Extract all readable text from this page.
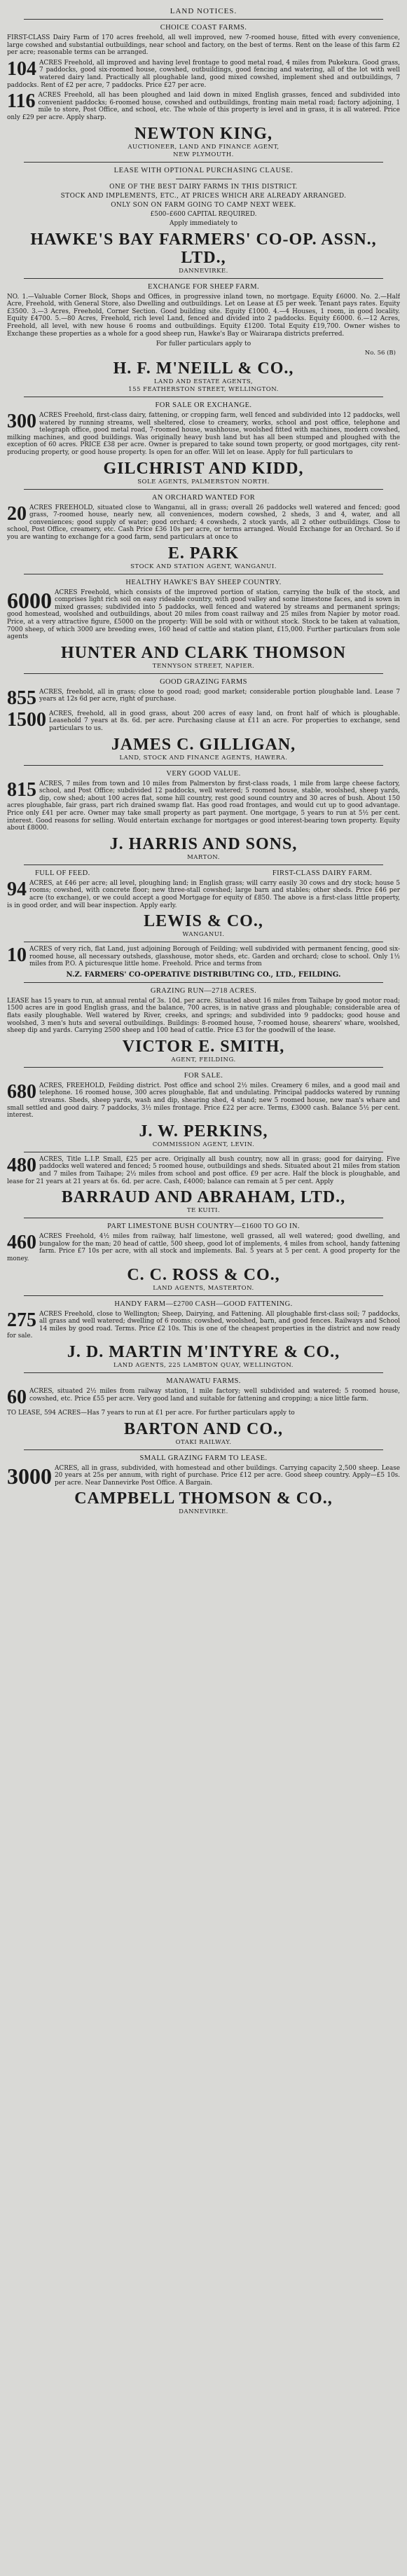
LAND NOTICES.
CHOICE COAST FARMS.

FIRST-CLASS Dairy Farm of 170 acres freehold, all well improved, new 7-roomed house, fitted with every convenience, large cowshed and substantial outbuildings, near school and factory, on the best of terms. Rent on the lease of this farm £2 per acre; reasonable terms can be arranged.

104 ACRES Freehold, all improved and having level frontage to good metal road, 4 miles from Pukekura. Good grass, 7 paddocks, good six-roomed house, cowshed, outbuildings, good fencing and watering, all of the lot with well watered dairy land. Practically all ploughable land, good mixed cowshed, implement shed and outbuildings, 7 paddocks. Rent of £2 per acre, 7 paddocks. Price £27 per acre.

116 ACRES Freehold, all has been ploughed and laid down in mixed English grasses, fenced and subdivided into convenient paddocks; 6-roomed house, cowshed and outbuildings, fronting main metal road; factory adjoining, 1 mile to store, Post Office, and school, etc. The whole of this property is level and in grass, it is all watered. Price only £29 per acre. Apply sharp.

NEWTON KING,
AUCTIONEER, LAND AND FINANCE AGENT,
NEW PLYMOUTH.
LEASE WITH OPTIONAL PURCHASING CLAUSE.
ONE OF THE BEST DAIRY FARMS IN THIS DISTRICT.
STOCK AND IMPLEMENTS, ETC., AT PRICES WHICH ARE ALREADY ARRANGED.
ONLY SON ON FARM GOING TO CAMP NEXT WEEK.
£500–£600 CAPITAL REQUIRED.
Apply immediately to
HAWKE'S BAY FARMERS' CO-OP. ASSN., LTD.,
DANNEVIRKE.
EXCHANGE FOR SHEEP FARM.

NO. 1.—Valuable Corner Block, Shops and Offices, in progressive inland town, no mortgage. Equity £6000. No. 2.—Half Acre, Freehold, with General Store, also Dwelling and outbuildings. Let on Lease at £5 per week. Tenant pays rates. Equity £3500. 3.—3 Acres, Freehold, Corner Section. Good building site. Equity £1000. 4.—4 Houses, 1 room, in good locality. Equity £4700. 5.—80 Acres, Freehold, rich level Land, fenced and divided into 2 paddocks. Equity £6000. 6.—12 Acres, Freehold, all level, with new house 6 rooms and outbuildings. Equity £1200. Total Equity £19,700. Owner wishes to Exchange these properties as a whole for a good sheep run, Hawke's Bay or Wairarapa districts preferred.

For fuller particulars apply to
No. 56 (B)
H. F. M'NEILL & CO.,
LAND AND ESTATE AGENTS,
155 FEATHERSTON STREET, WELLINGTON.
FOR SALE OR EXCHANGE.
300 ACRES Freehold, first-class dairy, fattening, or cropping farm, well fenced and subdivided into 12 paddocks, well watered by running streams, well sheltered, close to creamery, works, school and post office, telephone and telegraph office, good metal road, 7-roomed house, washhouse, woolshed fitted with machines, modern cowshed, milking machines, and good buildings. Was originally heavy bush land but has all been stumped and ploughed with the exception of 60 acres. PRICE £38 per acre. Owner is prepared to take sound town property, or good mortgages, city rent-producing property, or good house property. Is open for an offer. Will let on lease. Apply for full particulars to

GILCHRIST AND KIDD,
SOLE AGENTS, PALMERSTON NORTH.
AN ORCHARD WANTED FOR
20 ACRES FREEHOLD, situated close to Wanganui, all in grass; overall 26 paddocks well watered and fenced; good grass, 7-roomed house, nearly new, all conveniences, modern cowshed, 2 sheds, 3 and 4, water, and all conveniences; good supply of water; good orchard; 4 cowsheds, 2 stock yards, all 2 other outbuildings. Close to school, Post Office, creamery, etc. Cash Price £36 10s per acre, or terms arranged. Would Exchange for an Orchard. So if you are wanting to exchange for a good farm, send particulars at once to

E. PARK
STOCK AND STATION AGENT, WANGANUI.
HEALTHY HAWKE'S BAY SHEEP COUNTRY.
6000 ACRES Freehold, which consists of the improved portion of station, carrying the bulk of the stock, and comprises light rich soil on easy rideable country, with good valley and some limestone faces, and is sown in mixed grasses; subdivided into 5 paddocks, well fenced and watered by streams and permanent springs; good homestead, woolshed and outbuildings, about 20 miles from coast railway and 25 miles from Napier by motor road. Price, at a very attractive figure, £5000 on the property: Will be sold with or without stock. Stock to be taken at valuation, 7000 sheep, of which 3000 are breeding ewes, 160 head of cattle and station plant, £15,000. Further particulars from sole agents

HUNTER AND CLARK THOMSON
TENNYSON STREET, NAPIER.
GOOD GRAZING FARMS
855 ACRES, freehold, all in grass; close to good road; good market; considerable portion ploughable land. Lease 7 years at 12s 6d per acre, right of purchase.

1500 ACRES, freehold, all in good grass, about 200 acres of easy land, on front half of which is ploughable. Leasehold 7 years at 8s. 6d. per acre. Purchasing clause at £11 an acre. For properties to exchange, send particulars to us.

JAMES C. GILLIGAN,
LAND, STOCK AND FINANCE AGENTS, HAWERA.
VERY GOOD VALUE.
815 ACRES, 7 miles from town and 10 miles from Palmerston by first-class roads, 1 mile from large cheese factory, school, and Post Office; subdivided 12 paddocks, well watered; 5 roomed house, stable, woolshed, sheep yards, dip, cow shed; about 100 acres flat, some hill country, rest good sound country and 30 acres of bush. About 150 acres ploughable, fair grass, part rich drained swamp flat. Has good road frontages, and would cut up to good advantage. Price only £41 per acre. Owner may take small property as part payment. One mortgage, 5 years to run at 5½ per cent. interest. Good reasons for selling. Would entertain exchange for mortgages or good interest-bearing town property. Equity about £8000.

J. HARRIS AND SONS,
MARTON.
FULL OF FEED.	FIRST-CLASS DAIRY FARM.
94 ACRES, at £46 per acre; all level, ploughing land; in English grass; will carry easily 30 cows and dry stock; house 5 rooms; cowshed, with concrete floor; new three-stall cowshed; large barn and stables; other sheds. Price £46 per acre (to exchange), or we could accept a good Mortgage for equity of £850. The above is a first-class little property, is in good order, and will bear inspection. Apply early.

LEWIS & CO.,
WANGANUI.
10 ACRES of very rich, flat Land, just adjoining Borough of Feilding; well subdivided with permanent fencing, good six-roomed house, all necessary outsheds, glasshouse, motor sheds, etc. Garden and orchard; close to school. Only 1½ miles from P.O. A picturesque little home. Freehold. Price and terms from

N.Z. FARMERS' CO-OPERATIVE DISTRIBUTING CO., LTD., FEILDING.
GRAZING RUN—2718 ACRES.

LEASE has 15 years to run, at annual rental of 3s. 10d. per acre. Situated about 16 miles from Taihape by good motor road; 1500 acres are in good English grass, and the balance, 700 acres, is in native grass and ploughable; considerable area of flats easily ploughable. Well watered by River, creeks, and springs; and subdivided into 9 paddocks; good house and woolshed, 3 men's huts and several outbuildings. Buildings: 8-roomed house, 7-roomed house, shearers' whare, woolshed, sheep dip and yards. Carrying 2500 sheep and 100 head of cattle. Price £3 for the goodwill of the lease.

VICTOR E. SMITH,
AGENT, FEILDING.
FOR SALE.
680 ACRES, FREEHOLD, Feilding district. Post office and school 2½ miles. Creamery 6 miles, and a good mail and telephone. 16 roomed house, 300 acres ploughable, flat and undulating. Principal paddocks watered by running streams. Sheds, sheep yards, wash and dip, shearing shed, 4 stand; new 5 roomed house, new man's whare and small settled and good dairy. 7 paddocks, 3½ miles frontage. Price £22 per acre. Terms, £3000 cash. Balance 5½ per cent. interest.

J. W. PERKINS,
COMMISSION AGENT, LEVIN.
480 ACRES, Title L.I.P. Small, £25 per acre. Originally all bush country, now all in grass; good for dairying. Five paddocks well watered and fenced; 5 roomed house, outbuildings and sheds. Situated about 21 miles from station and 7 miles from Taihape; 2½ miles from school and post office. £9 per acre. Half the block is ploughable, and lease for 21 years at 21 years at 6s. 6d. per acre. Cash, £4000; balance can remain at 5 per cent. Apply

BARRAUD AND ABRAHAM, LTD.,
TE KUITI.
PART LIMESTONE BUSH COUNTRY—£1600 TO GO IN.
460 ACRES Freehold, 4½ miles from railway, half limestone, well grassed, all well watered; good dwelling, and bungalow for the man; 20 head of cattle, 500 sheep, good lot of implements, 4 miles from school, handy fattening farm. Price £7 10s per acre, with all stock and implements. Bal. 5 years at 5 per cent. A good property for the money.

C. C. ROSS & CO.,
LAND AGENTS, MASTERTON.
HANDY FARM—£2700 CASH—GOOD FATTENING.
275 ACRES Freehold, close to Wellington; Sheep, Dairying, and Fattening. All ploughable first-class soil; 7 paddocks, all grass and well watered; dwelling of 6 rooms; cowshed, woolshed, barn, and good fences. Railways and School 14 miles by good road. Terms. Price £2 10s. This is one of the cheapest properties in the district and now ready for sale.

J. D. MARTIN M'INTYRE & CO.,
LAND AGENTS, 225 LAMBTON QUAY, WELLINGTON.
MANAWATU FARMS.
60 ACRES, situated 2½ miles from railway station, 1 mile factory; well subdivided and watered; 5 roomed house, cowshed, etc. Price £55 per acre. Very good land and suitable for fattening and cropping; a nice little farm.

TO LEASE, 594 ACRES—Has 7 years to run at £1 per acre. For further particulars apply to

BARTON AND CO.,
OTAKI RAILWAY.
SMALL GRAZING FARM TO LEASE.
3000 ACRES, all in grass, subdivided, with homestead and other buildings. Carrying capacity 2,500 sheep. Lease 20 years at 25s per annum, with right of purchase. Price £12 per acre. Good sheep country. Apply—£5 10s. per acre. Near Dannevirke Post Office. A Bargain.

CAMPBELL THOMSON & CO.,
DANNEVIRKE.
